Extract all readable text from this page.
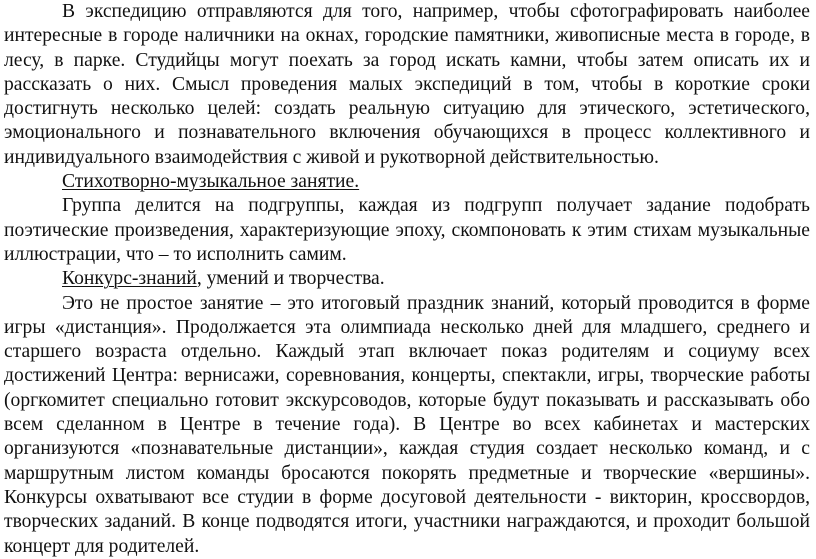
В экспедицию отправляются для того, например, чтобы сфотографировать наиболее интересные в городе наличники на окнах, городские памятники, живописные места в городе, в лесу, в парке. Студийцы могут поехать за город искать камни, чтобы затем описать их и рассказать о них. Смысл проведения малых экспедиций в том, чтобы в короткие сроки достигнуть несколько целей: создать реальную ситуацию для этического, эстетического, эмоционального и познавательного включения обучающихся в процесс коллективного и индивидуального взаимодействия с живой и рукотворной действительностью.

Стихотворно-музыкальное занятие.

Группа делится на подгруппы, каждая из подгрупп получает задание подобрать поэтические произведения, характеризующие эпоху, скомпоновать к этим стихам музыкальные иллюстрации, что – то исполнить самим.

Конкурс-знаний, умений и творчества.

Это не простое занятие – это итоговый праздник знаний, который проводится в форме игры «дистанция». Продолжается эта олимпиада несколько дней для младшего, среднего и старшего возраста отдельно. Каждый этап включает показ родителям и социуму всех достижений Центра: вернисажи, соревнования, концерты, спектакли, игры, творческие работы (оргкомитет специально готовит экскурсоводов, которые будут показывать и рассказывать обо всем сделанном в Центре в течение года). В Центре во всех кабинетах и мастерских организуются «познавательные дистанции», каждая студия создает несколько команд, и с маршрутным листом команды бросаются покорять предметные и творческие «вершины». Конкурсы охватывают все студии в форме досуговой деятельности - викторин, кроссвордов, творческих заданий. В конце подводятся итоги, участники награждаются, и проходит большой концерт для родителей.
